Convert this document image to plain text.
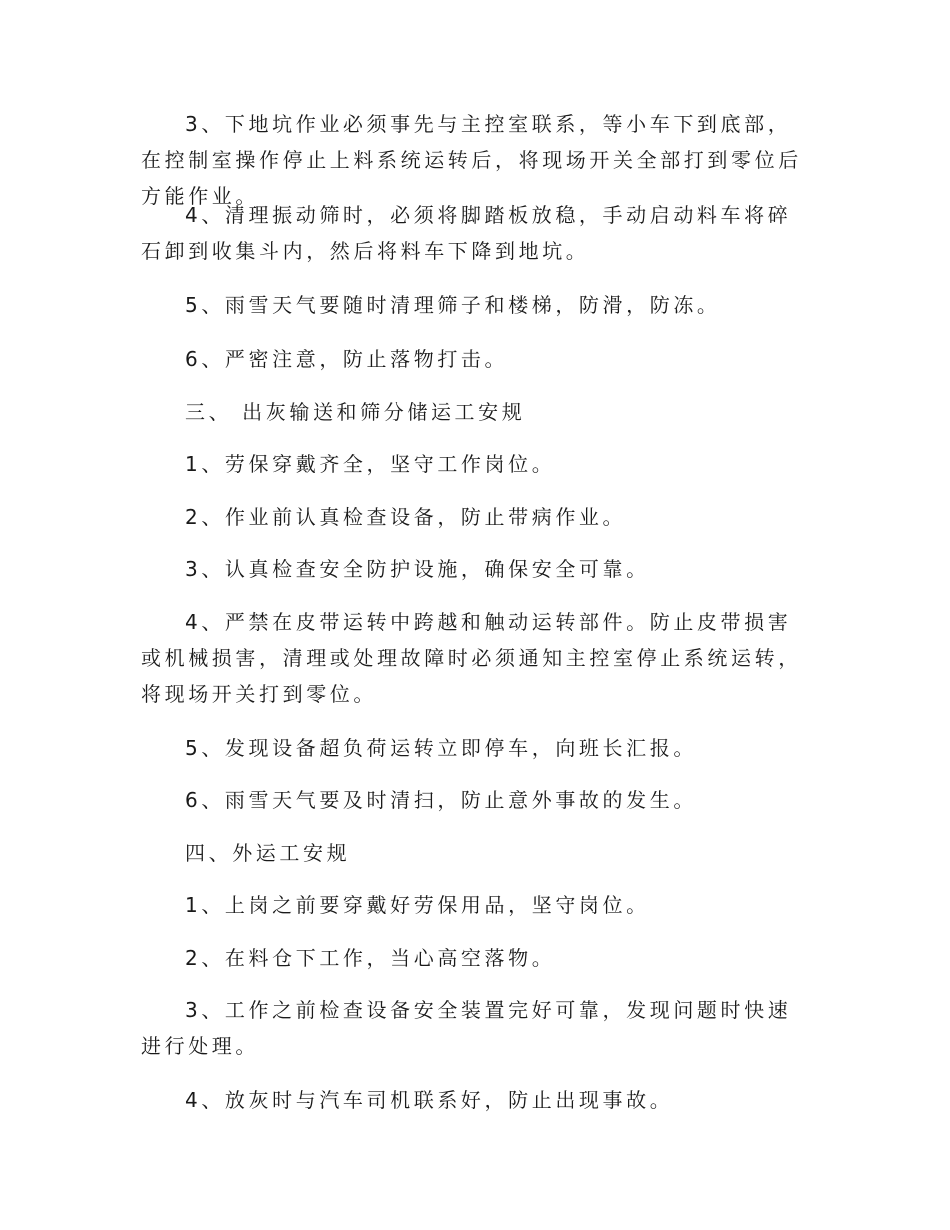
3、下地坑作业必须事先与主控室联系，等小车下到底部，在控制室操作停止上料系统运转后，将现场开关全部打到零位后方能作业。

4、清理振动筛时，必须将脚踏板放稳，手动启动料车将碎石卸到收集斗内，然后将料车下降到地坑。

5、雨雪天气要随时清理筛子和楼梯，防滑，防冻。

6、严密注意，防止落物打击。

三、 出灰输送和筛分储运工安规

1、劳保穿戴齐全，坚守工作岗位。

2、作业前认真检查设备，防止带病作业。

3、认真检查安全防护设施，确保安全可靠。

4、严禁在皮带运转中跨越和触动运转部件。防止皮带损害或机械损害，清理或处理故障时必须通知主控室停止系统运转，将现场开关打到零位。

5、发现设备超负荷运转立即停车，向班长汇报。

6、雨雪天气要及时清扫，防止意外事故的发生。

四、外运工安规

1、上岗之前要穿戴好劳保用品，坚守岗位。

2、在料仓下工作，当心高空落物。

3、工作之前检查设备安全装置完好可靠，发现问题时快速进行处理。

4、放灰时与汽车司机联系好，防止出现事故。
